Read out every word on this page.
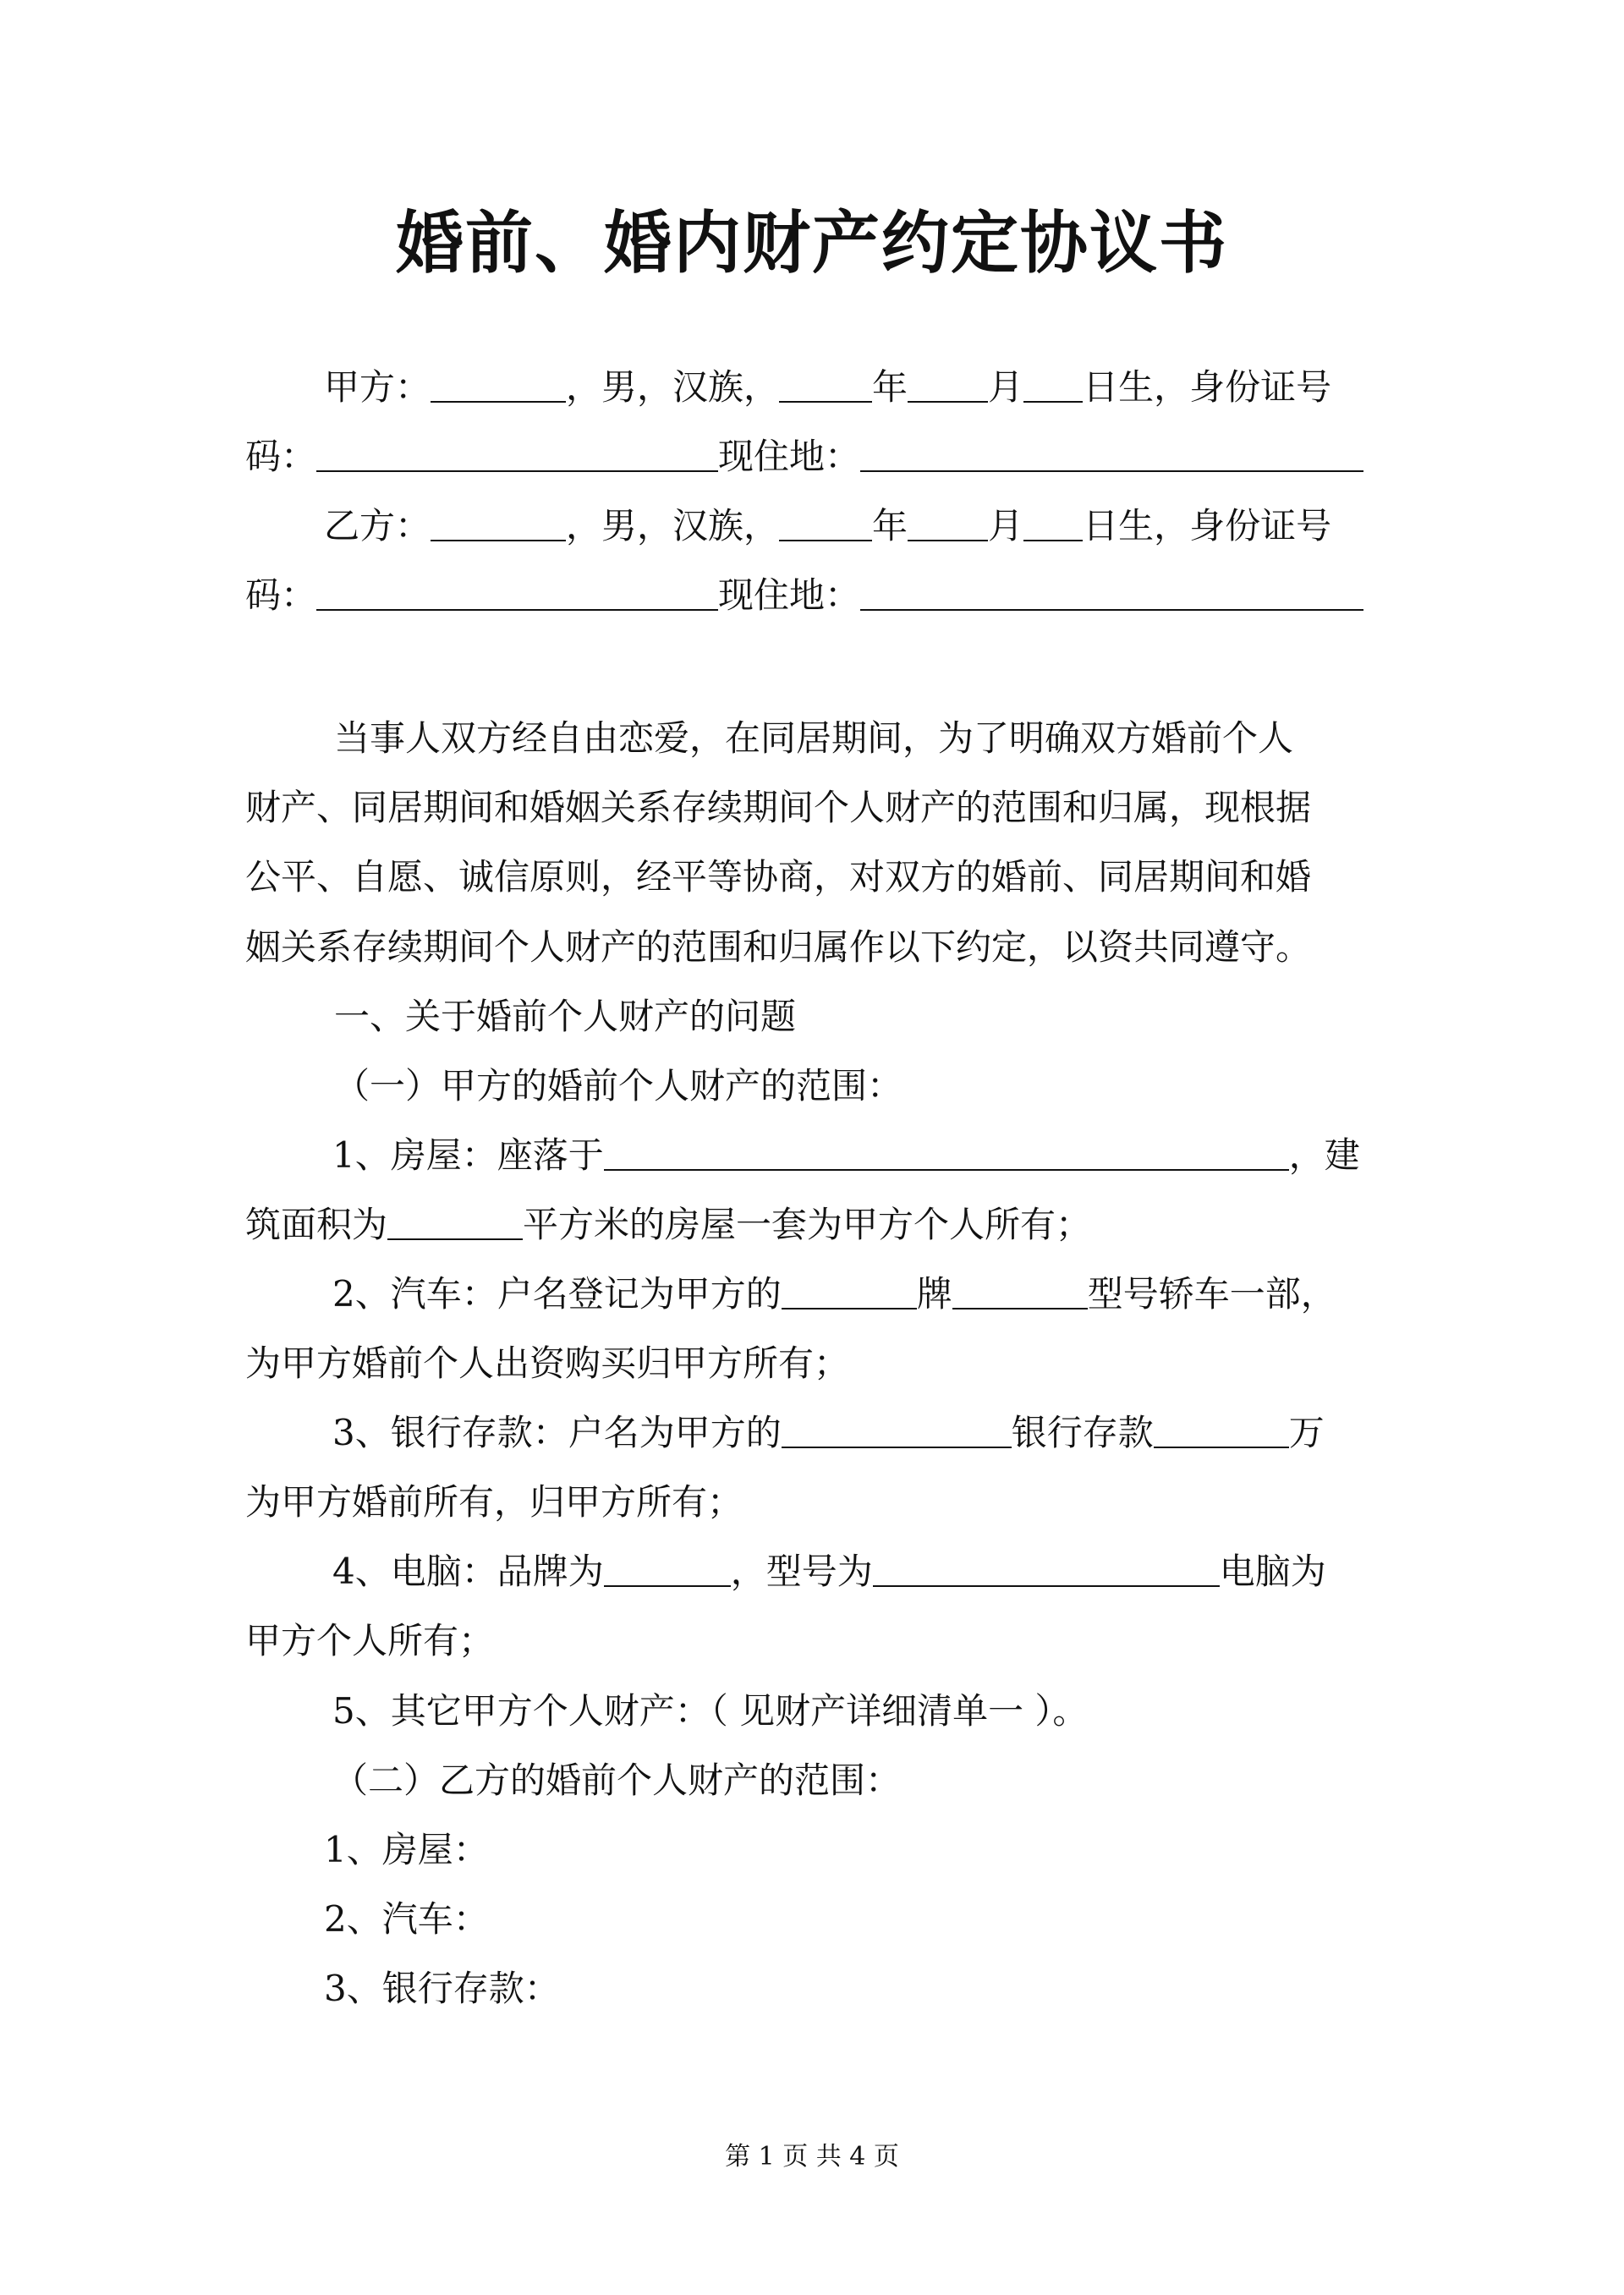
婚前、婚内财产约定协议书
甲方：	，男，汉族，	年 月 日生，身份证号
码：	现住地：
乙方：	，男，汉族，	年 月 日生，身份证号
码：	现住地：
当事人双方经自由恋爱，在同居期间，为了明确双方婚前个人
财产、同居期间和婚姻关系存续期间个人财产的范围和归属，现根据
公平、自愿、诚信原则，经平等协商，对双方的婚前、同居期间和婚
姻关系存续期间个人财产的范围和归属作以下约定，以资共同遵守。
一、关于婚前个人财产的问题
（一）甲方的婚前个人财产的范围：
1、房屋：座落于	，建
筑面积为	平方米的房屋一套为甲方个人所有；
2、汽车：户名登记为甲方的	牌	型号轿车一部，
为甲方婚前个人出资购买归甲方所有；
3、银行存款：户名为甲方的	银行存款	万
为甲方婚前所有，归甲方所有；
4、电脑：品牌为	，型号为	电脑为
甲方个人所有；
5、其它甲方个人财产：（ 见财产详细清单一 ）。
（二）乙方的婚前个人财产的范围：
1、房屋：
2、汽车：
3、银行存款：
第 1 页 共 4 页
